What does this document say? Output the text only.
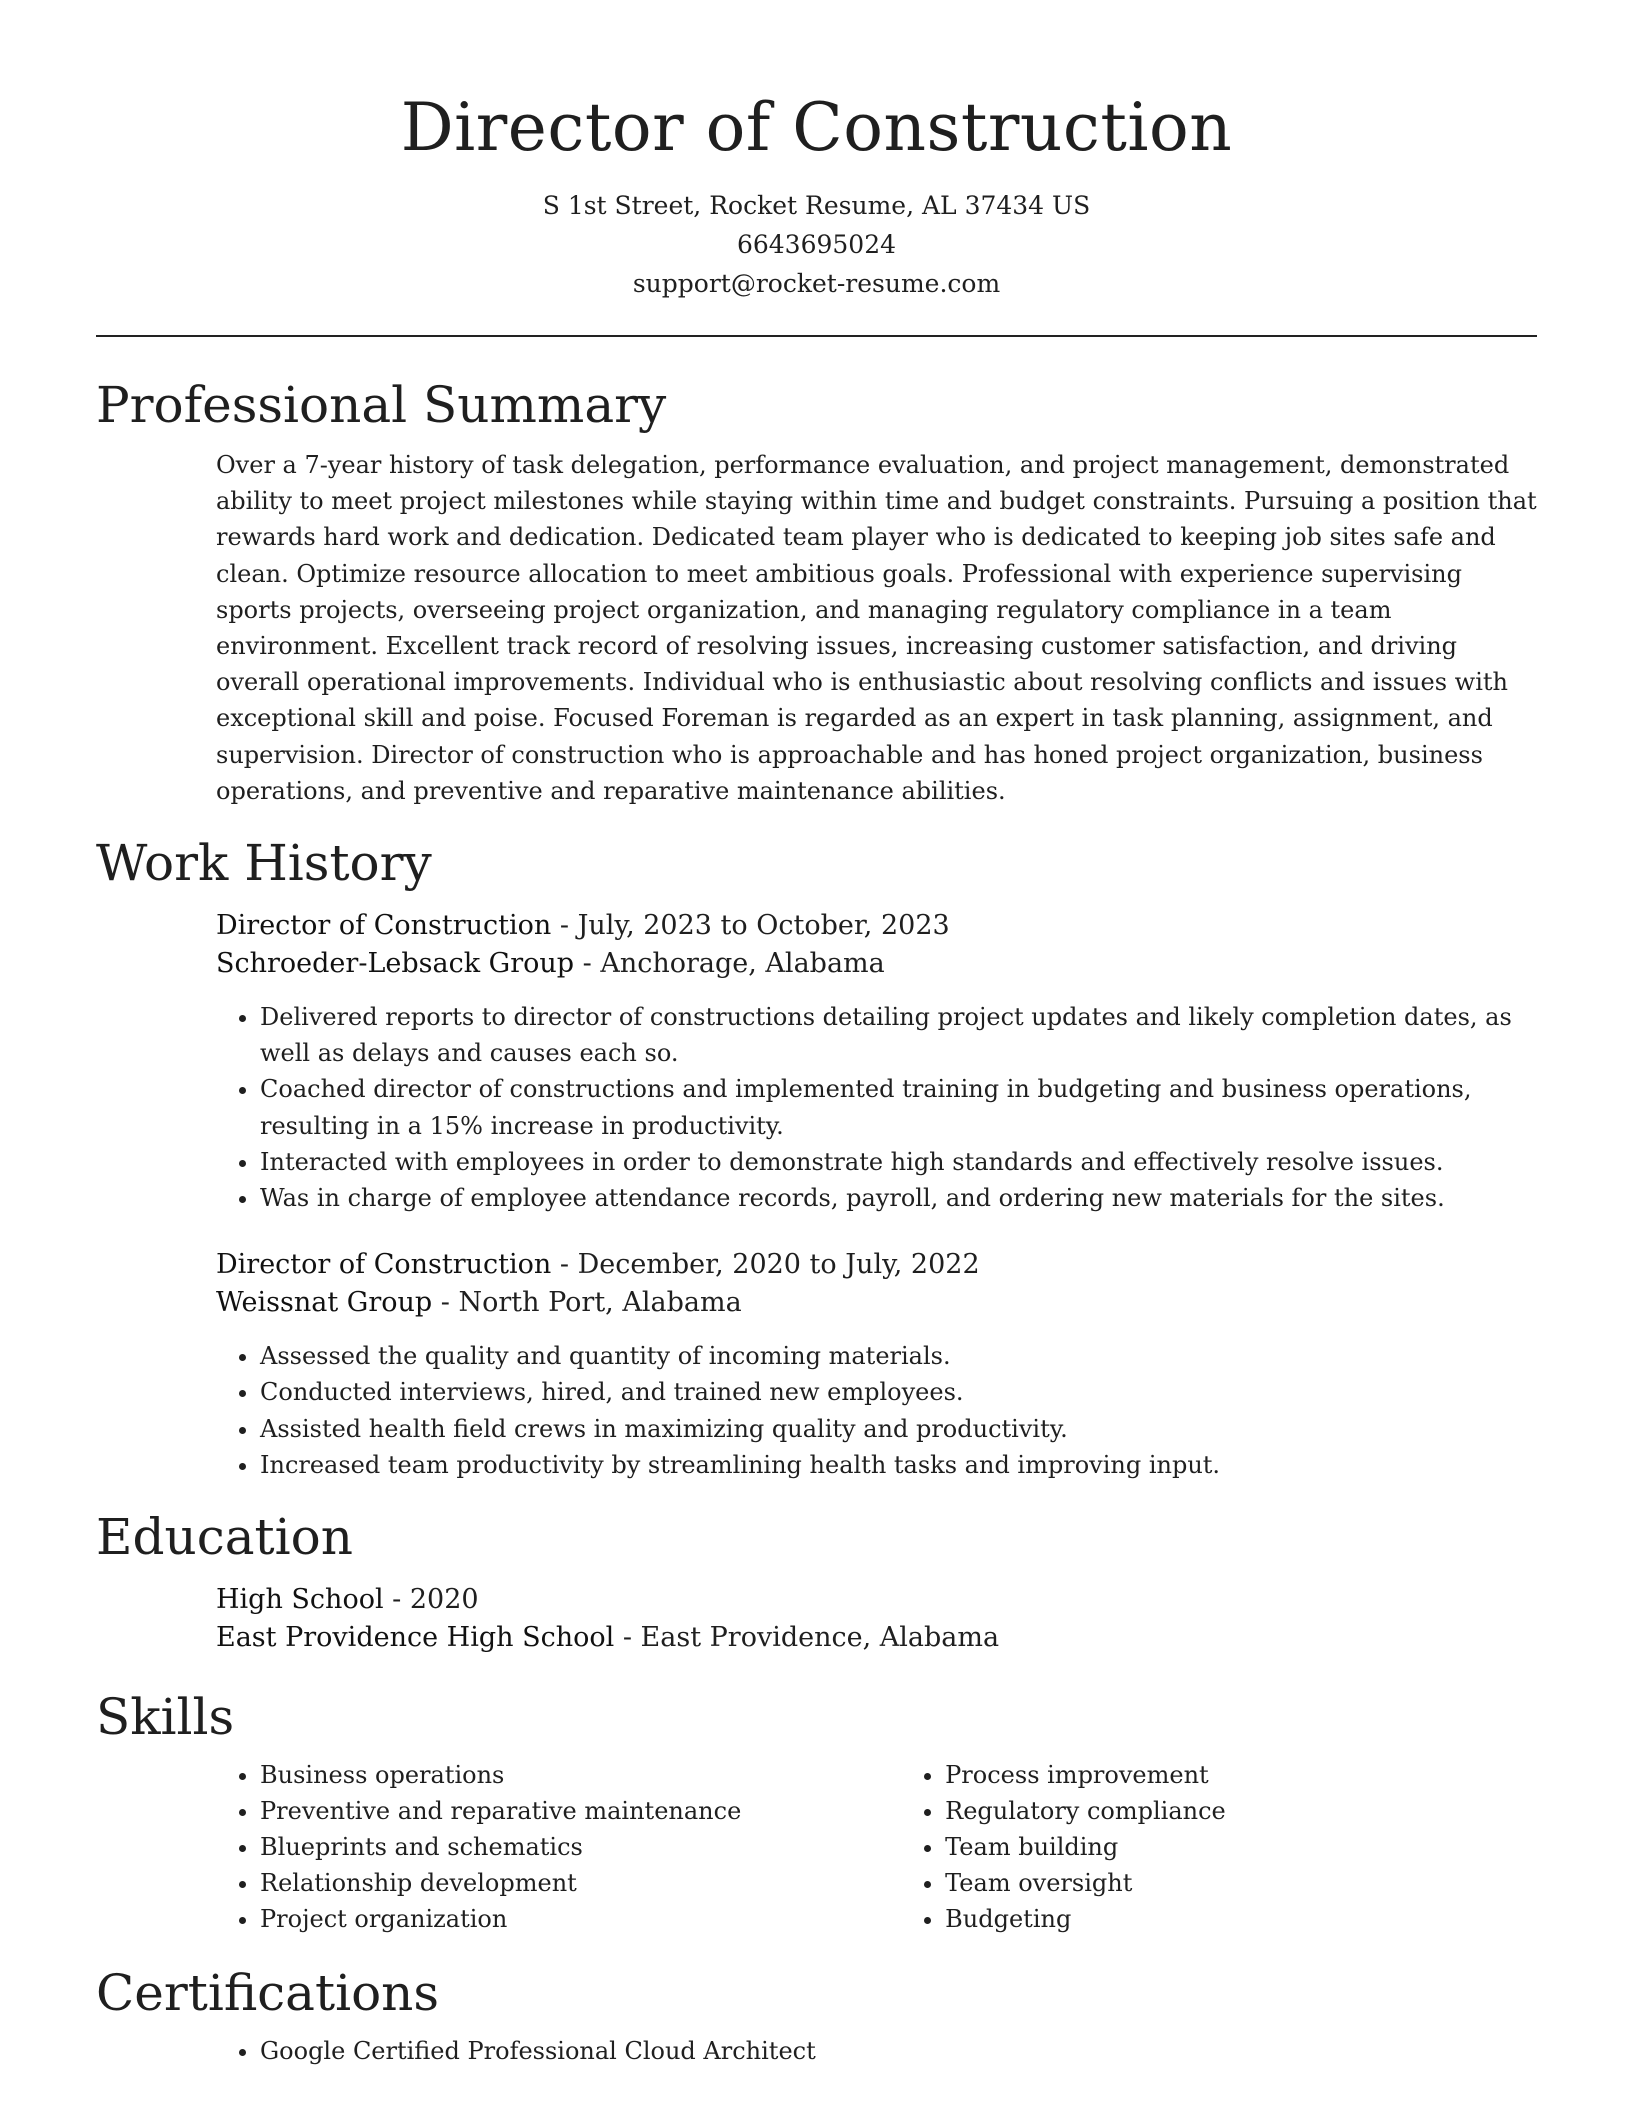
Director of Construction
S 1st Street, Rocket Resume, AL 37434 US
6643695024
support@rocket-resume.com
Professional Summary

Over a 7-year history of task delegation, performance evaluation, and project management, demonstrated ability to meet project milestones while staying within time and budget constraints. Pursuing a position that rewards hard work and dedication. Dedicated team player who is dedicated to keeping job sites safe and clean. Optimize resource allocation to meet ambitious goals. Professional with experience supervising sports projects, overseeing project organization, and managing regulatory compliance in a team environment. Excellent track record of resolving issues, increasing customer satisfaction, and driving overall operational improvements. Individual who is enthusiastic about resolving conflicts and issues with exceptional skill and poise. Focused Foreman is regarded as an expert in task planning, assignment, and supervision. Director of construction who is approachable and has honed project organization, business operations, and preventive and reparative maintenance abilities.

Work History

Director of Construction - July, 2023 to October, 2023

Schroeder-Lebsack Group - Anchorage, Alabama

• Delivered reports to director of constructions detailing project updates and likely completion dates, as well as delays and causes each so.
• Coached director of constructions and implemented training in budgeting and business operations, resulting in a 15% increase in productivity.
• Interacted with employees in order to demonstrate high standards and effectively resolve issues.
• Was in charge of employee attendance records, payroll, and ordering new materials for the sites.

Director of Construction - December, 2020 to July, 2022

Weissnat Group - North Port, Alabama

• Assessed the quality and quantity of incoming materials.
• Conducted interviews, hired, and trained new employees.
• Assisted health field crews in maximizing quality and productivity.
• Increased team productivity by streamlining health tasks and improving input.
Education

High School - 2020

East Providence High School - East Providence, Alabama

Skills
• Business operations
• Preventive and reparative maintenance
• Blueprints and schematics
• Relationship development
• Project organization
• Process improvement
• Regulatory compliance
• Team building
• Team oversight
• Budgeting
Certifications
• Google Certified Professional Cloud Architect
